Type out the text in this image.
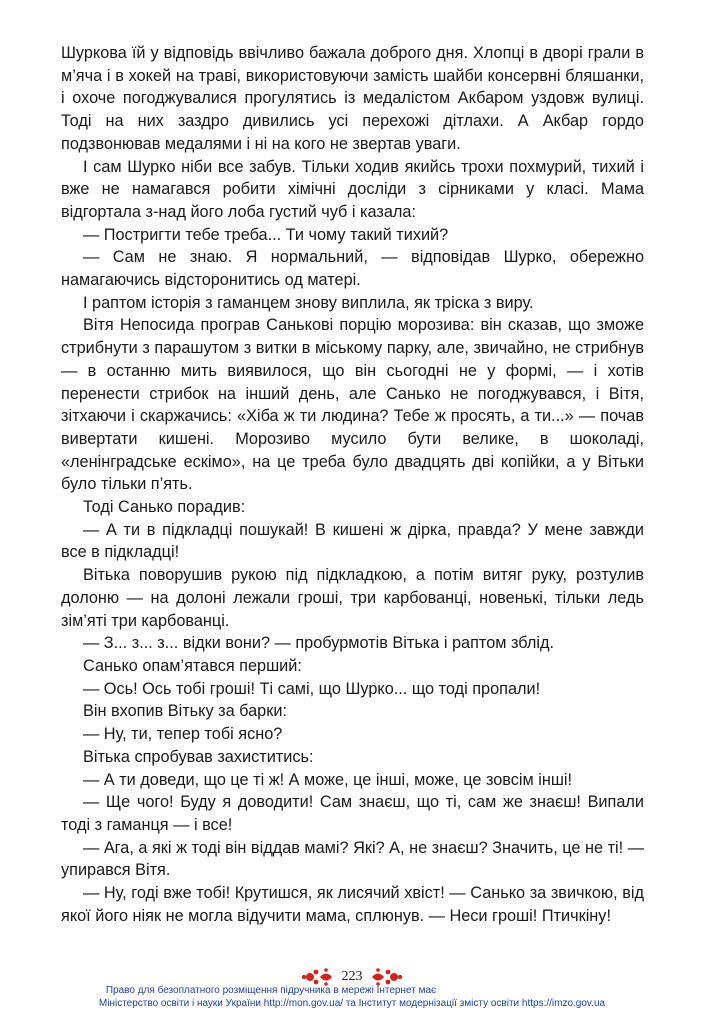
Шуркова їй у відповідь ввічливо бажала доброго дня. Хлопці в дворі грали в м’яча і в хокей на траві, використовуючи замість шайби консервні бляшанки, і охоче погоджувалися прогулятись із медалістом Акбаром уздовж вулиці. Тоді на них заздро дивились усі перехожі дітлахи. А Акбар гордо подзвонював медалями і ні на кого не звертав уваги.

І сам Шурко ніби все забув. Тільки ходив якийсь трохи похмурий, тихий і вже не намагався робити хімічні досліди з сірниками у класі. Мама відгортала з-над його лоба густий чуб і казала:

— Постригти тебе треба... Ти чому такий тихий?

— Сам не знаю. Я нормальний, — відповідав Шурко, обережно намагаючись відсторонитись од матері.

І раптом історія з гаманцем знову виплила, як тріска з виру.

Вітя Непосида програв Санькові порцію морозива: він сказав, що зможе стрибнути з парашутом з витки в міському парку, але, звичайно, не стрибнув — в останню мить виявилося, що він сьогодні не у формі, — і хотів перенести стрибок на інший день, але Санько не погоджувався, і Вітя, зітхаючи і скаржачись: «Хіба ж ти людина? Тебе ж просять, а ти...» — почав вивертати кишені. Морозиво мусило бути велике, в шоколаді, «ленінградське ескімо», на це треба було двадцять дві копійки, а у Вітьки було тільки п’ять.

Тоді Санько порадив:

— А ти в підкладці пошукай! В кишені ж дірка, правда? У мене завжди все в підкладці!

Вітька поворушив рукою під підкладкою, а потім витяг руку, розтулив долоню — на долоні лежали гроші, три карбованці, новенькі, тільки ледь зім’яті три карбованці.

— З... з... з... відки вони? — пробурмотів Вітька і раптом зблід.

Санько опам’ятався перший:

— Ось! Ось тобі гроші! Ті самі, що Шурко... що тоді пропали!

Він вхопив Вітьку за барки:

— Ну, ти, тепер тобі ясно?

Вітька спробував захиститись:

— А ти доведи, що це ті ж! А може, це інші, може, це зовсім інші!

— Ще чого! Буду я доводити! Сам знаєш, що ті, сам же знаєш! Випали тоді з гаманця — і все!

— Ага, а які ж тоді він віддав мамі? Які? А, не знаєш? Значить, це не ті! — упирався Вітя.

— Ну, годі вже тобі! Крутишся, як лисячий хвіст! — Санько за звичкою, від якої його ніяк не могла відучити мама, сплюнув. — Неси гроші! Птичкіну!

223
Право для безоплатного розміщення підручника в мережі Інтернет має
Міністерство освіти і науки України http://mon.gov.ua/ та Інститут модернізації змісту освіти https://imzo.gov.ua
